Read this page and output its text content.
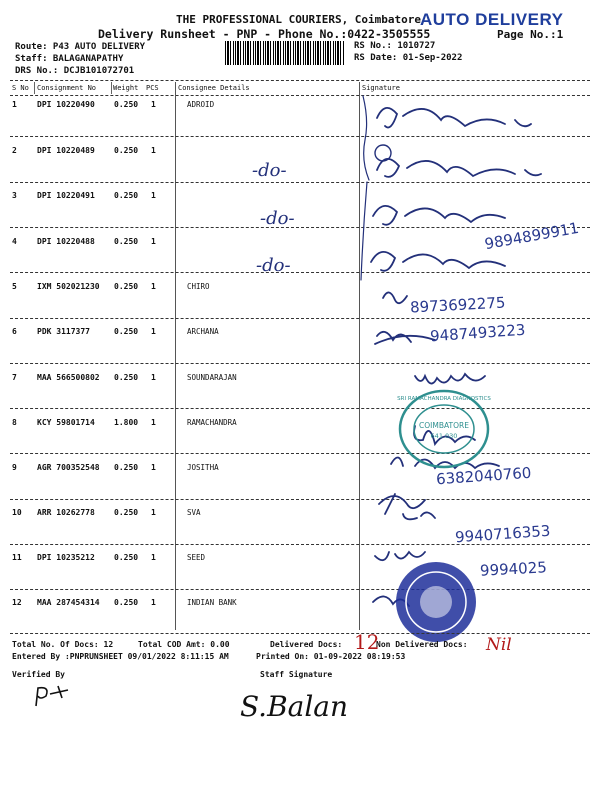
THE PROFESSIONAL COURIERS, Coimbatore
Delivery Runsheet - PNP - Phone No.:0422-3505555
AUTO DELIVERY
Page No.:1
Route: P43 AUTO DELIVERY
Staff: BALAGANAPATHY
DRS No.: DCJB101072701
RS No.: 1010727
RS Date: 01-Sep-2022
S No Consignment No Weight PCS	Consignee Details	Signature
1	DPI 10220490 0.250 1	ADROID
2	DPI 10220489 0.250 1
3	DPI 10220491 0.250 1
4	DPI 10220488 0.250 1
5	IXM 502021230 0.250 1	CHIRO
6	PDK 3117377	0.250 1	ARCHANA
7	MAA 566500802 0.250 1	SOUNDARAJAN
8	KCY 59801714 1.800 1	RAMACHANDRA
9	AGR 700352548 0.250 1	JOSITHA
10 ARR 10262778 0.250 1	SVA
11 DPI 10235212 0.250 1	SEED
12 MAA 287454314 0.250 1	INDIAN BANK
-do-
-do-
-do-
SRI RAMACHANDRA DIAGNOSTICS
COIMBATORE
641 030
9894899911
8973692275
9487493223
6382040760
9940716353
9994025
Total No. Of Docs: 12	Total COD Amt: 0.00	Delivered Docs: 12
Non Delivered Docs: Nil
Entered By :PNPRUNSHEET 09/01/2022 8:11:15 AM	Printed On: 01-09-2022 08:19:53
Verified By	Staff Signature
S.Balan
